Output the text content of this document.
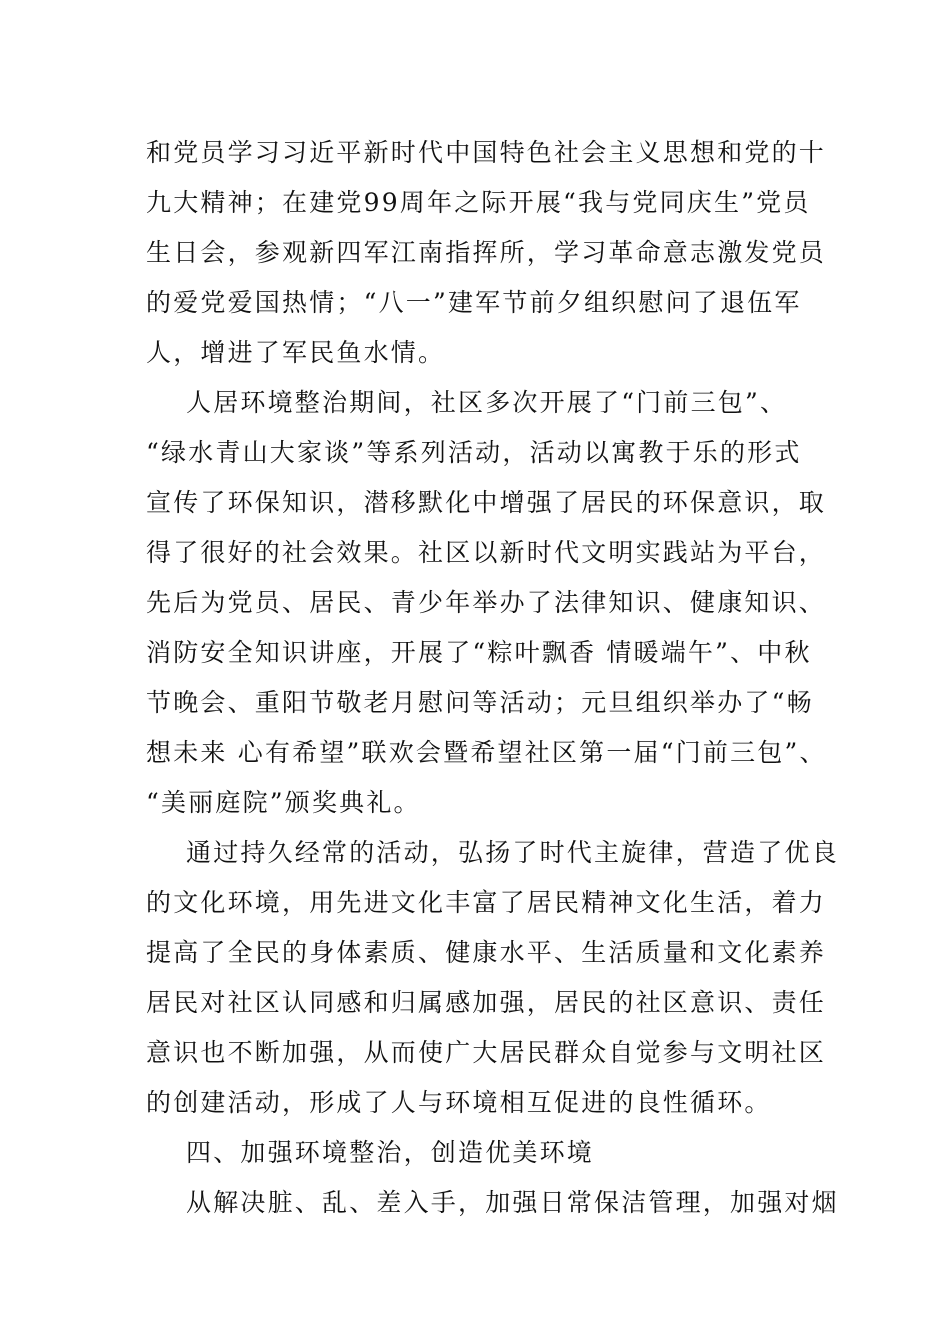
和党员学习习近平新时代中国特色社会主义思想和党的十
九大精神；在建党99周年之际开展“我与党同庆生”党员
生日会，参观新四军江南指挥所，学习革命意志激发党员
的爱党爱国热情；“八一”建军节前夕组织慰问了退伍军
人，增进了军民鱼水情。
人居环境整治期间，社区多次开展了“门前三包”、
“绿水青山大家谈”等系列活动，活动以寓教于乐的形式
宣传了环保知识，潜移默化中增强了居民的环保意识，取
得了很好的社会效果。社区以新时代文明实践站为平台，
先后为党员、居民、青少年举办了法律知识、健康知识、
消防安全知识讲座，开展了“粽叶飘香 情暖端午”、中秋
节晚会、重阳节敬老月慰问等活动；元旦组织举办了“畅
想未来 心有希望”联欢会暨希望社区第一届“门前三包”、
“美丽庭院”颁奖典礼。
通过持久经常的活动，弘扬了时代主旋律，营造了优良
的文化环境，用先进文化丰富了居民精神文化生活，着力
提高了全民的身体素质、健康水平、生活质量和文化素养
居民对社区认同感和归属感加强，居民的社区意识、责任
意识也不断加强，从而使广大居民群众自觉参与文明社区
的创建活动，形成了人与环境相互促进的良性循环。
四、加强环境整治，创造优美环境
从解决脏、乱、差入手，加强日常保洁管理，加强对烟
